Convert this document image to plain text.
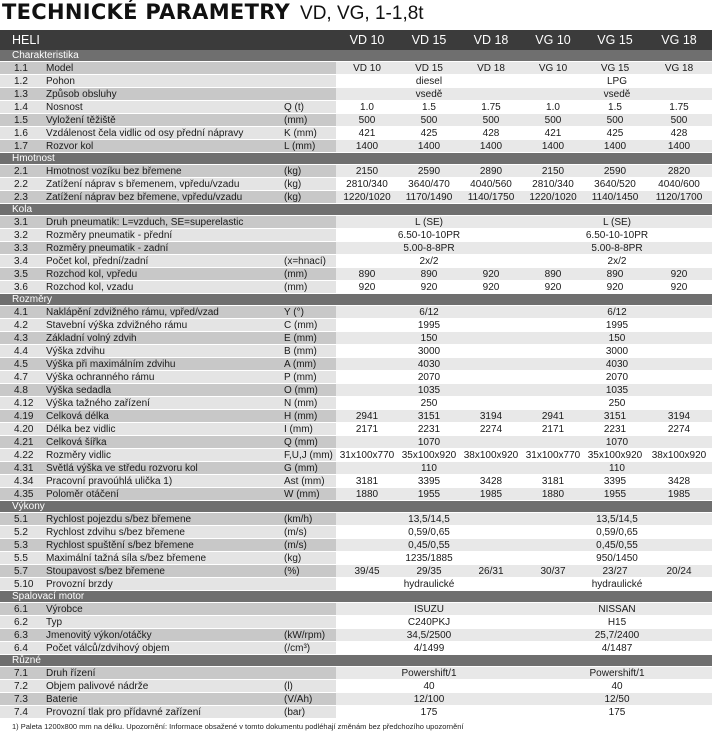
TECHNICKÉ PARAMETRY VD, VG, 1-1,8t
HELI			VD 10	VD 15	VD 18	VG 10	VG 15	VG 18
Charakteristika								
1.1	Model		VD 10	VD 15	VD 18	VG 10	VG 15	VG 18
1.2	Pohon		diesel			LPG		
1.3	Způsob obsluhy		vsedě			vsedě		
1.4	Nosnost	Q (t)	1.0	1.5	1.75	1.0	1.5	1.75
1.5	Vyložení těžiště	(mm)	500	500	500	500	500	500
1.6	Vzdálenost čela vidlic od osy přední nápravy	K (mm)	421	425	428	421	425	428
1.7	Rozvor kol	L (mm)	1400	1400	1400	1400	1400	1400
Hmotnost								
2.1	Hmotnost vozíku bez břemene	(kg)	2150	2590	2890	2150	2590	2820
2.2	Zatížení náprav s břemenem, vpředu/vzadu	(kg)	2810/340	3640/470	4040/560	2810/340	3640/520	4040/600
2.3	Zatížení náprav bez břemene, vpředu/vzadu	(kg)	1220/1020	1170/1490	1140/1750	1220/1020	1140/1450	1120/1700
Kola								
3.1	Druh pneumatik: L=vzduch, SE=superelastic		L (SE)			L (SE)		
3.2	Rozměry pneumatik - přední		6.50-10-10PR			6.50-10-10PR		
3.3	Rozměry pneumatik - zadní		5.00-8-8PR			5.00-8-8PR		
3.4	Počet kol, přední/zadní	(x=hnací)	2x/2			2x/2		
3.5	Rozchod kol, vpředu	(mm)	890	890	920	890	890	920
3.6	Rozchod kol, vzadu	(mm)	920	920	920	920	920	920
Rozměry								
4.1	Naklápění zdvižného rámu, vpřed/vzad	Y (°)	6/12			6/12		
4.2	Stavební výška zdvižného rámu	C (mm)	1995			1995		
4.3	Základní volný zdvih	E (mm)	150			150		
4.4	Výška zdvihu	B (mm)	3000			3000		
4.5	Výška při maximálním zdvihu	A (mm)	4030			4030		
4.7	Výška ochranného rámu	P (mm)	2070			2070		
4.8	Výška sedadla	O (mm)	1035			1035		
4.12	Výška tažného zařízení	N (mm)	250			250		
4.19	Celková délka	H (mm)	2941	3151	3194	2941	3151	3194
4.20	Délka bez vidlic	I (mm)	2171	2231	2274	2171	2231	2274
4.21	Celková šířka	Q (mm)	1070			1070		
4.22	Rozměry vidlic	F,U,J (mm)	31x100x770	35x100x920	38x100x920	31x100x770	35x100x920	38x100x920
4.31	Světlá výška ve středu rozvoru kol	G (mm)	110			110		
4.34	Pracovní pravoúhlá ulička 1)	Ast (mm)	3181	3395	3428	3181	3395	3428
4.35	Poloměr otáčení	W (mm)	1880	1955	1985	1880	1955	1985
Výkony								
5.1	Rychlost pojezdu s/bez břemene	(km/h)	13,5/14,5			13,5/14,5		
5.2	Rychlost zdvihu s/bez břemene	(m/s)	0,59/0,65			0,59/0,65		
5.3	Rychlost spuštění s/bez břemene	(m/s)	0,45/0,55			0,45/0,55		
5.5	Maximální tažná síla s/bez břemene	(kg)	1235/1885			950/1450		
5.7	Stoupavost s/bez břemene	(%)	39/45	29/35	26/31	30/37	23/27	20/24
5.10	Provozní brzdy		hydraulické			hydraulické		
Spalovací motor								
6.1	Výrobce		ISUZU			NISSAN		
6.2	Typ		C240PKJ			H15		
6.3	Jmenovitý výkon/otáčky	(kW/rpm)	34,5/2500			25,7/2400		
6.4	Počet válců/zdvihový objem	(/cm³)	4/1499			4/1487		
Různé								
7.1	Druh řízení		Powershift/1			Powershift/1		
7.2	Objem palivové nádrže	(l)	40			40		
7.3	Baterie	(V/Ah)	12/100			12/50		
7.4	Provozní tlak pro přídavné zařízení	(bar)	175			175		
1) Paleta 1200x800 mm na délku. Upozornění: Informace obsažené v tomto dokumentu podléhají změnám bez předchozího upozornění
